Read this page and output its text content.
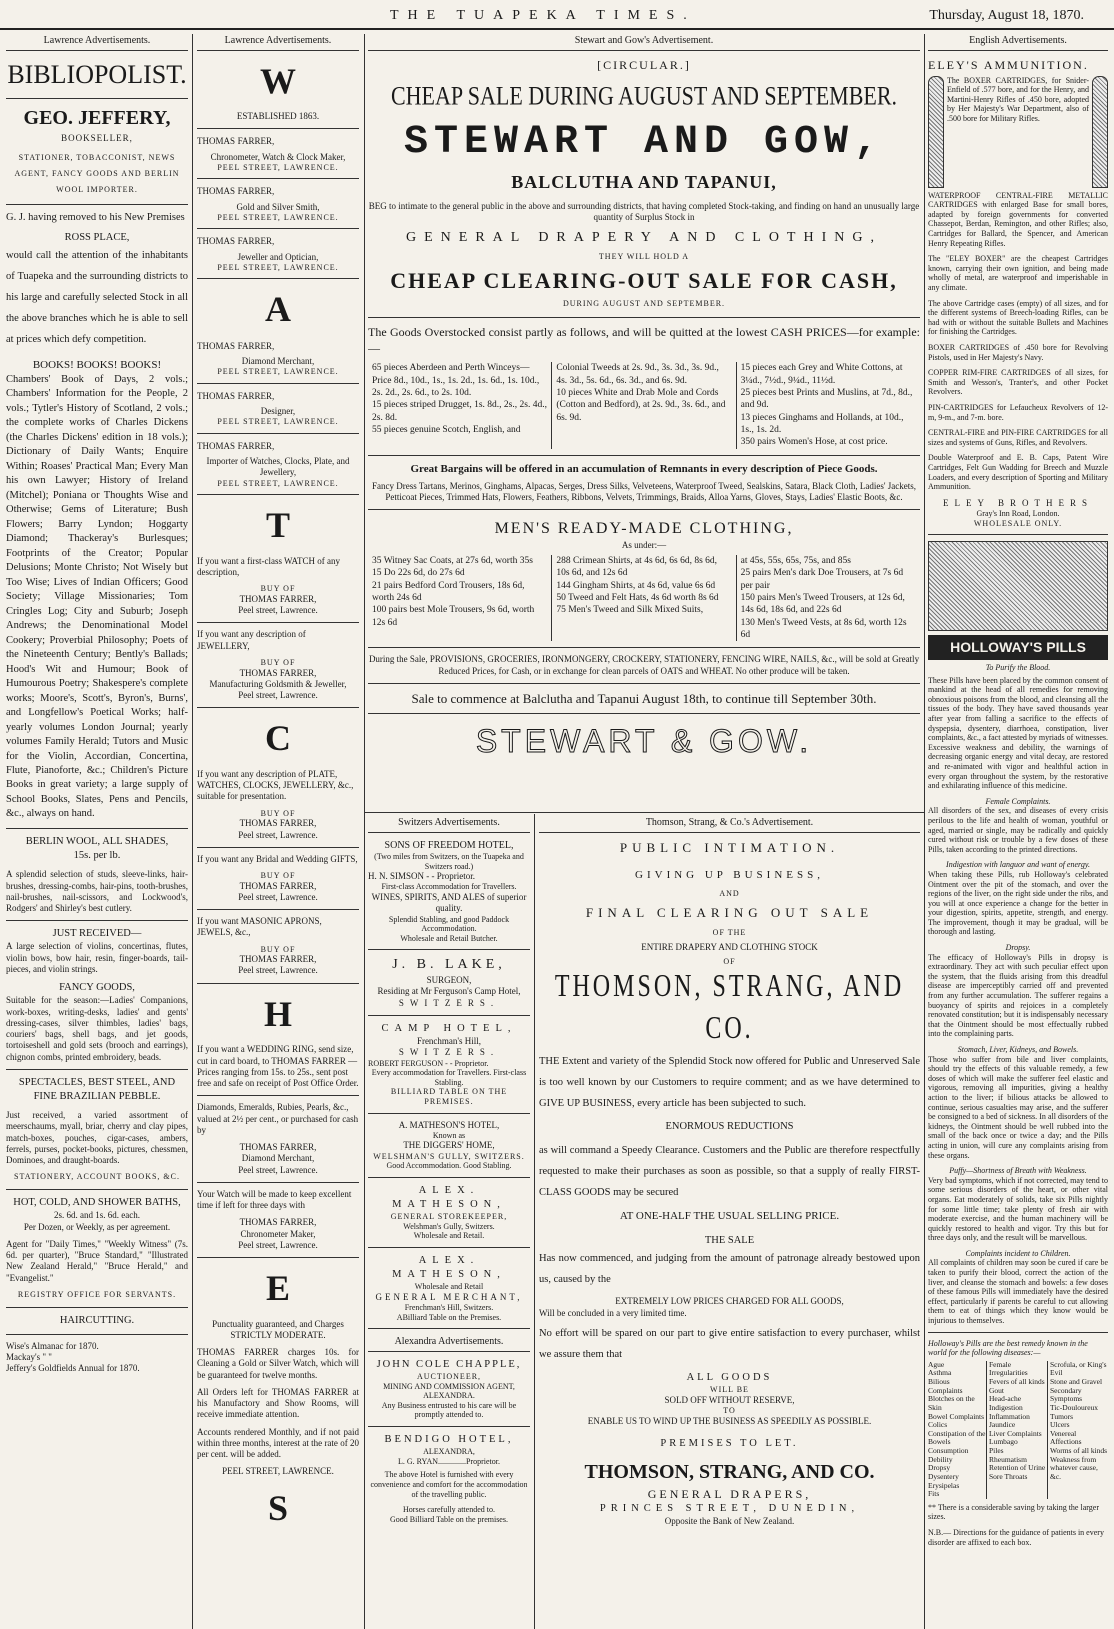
THE TUAPEKA TIMES.	Thursday, August 18, 1870.
Lawrence Advertisements.
BIBLIOPOLIST.
GEO. JEFFERY,
BOOKSELLER,

STATIONER, TOBACCONIST, NEWS AGENT, FANCY GOODS AND BERLIN WOOL IMPORTER.

G. J. having removed to his New Premises

ROSS PLACE,

would call the attention of the inhabitants of Tuapeka and the surrounding districts to his large and carefully selected Stock in all the above branches which he is able to sell at prices which defy competition.

BOOKS! BOOKS! BOOKS!

Chambers' Book of Days, 2 vols.; Chambers' Information for the People, 2 vols.; Tytler's History of Scotland, 2 vols.; the complete works of Charles Dickens (the Charles Dickens' edition in 18 vols.); Dictionary of Daily Wants; Enquire Within; Roases' Practical Man; Every Man his own Lawyer; History of Ireland (Mitchel); Poniana or Thoughts Wise and Otherwise; Gems of Literature; Bush Flowers; Barry Lyndon; Hoggarty Diamond; Thackeray's Burlesques; Footprints of the Creator; Popular Delusions; Monte Christo; Not Wisely but Too Wise; Lives of Indian Officers; Good Society; Village Missionaries; Tom Cringles Log; City and Suburb; Joseph Andrews; the Denominational Model Cookery; Proverbial Philosophy; Poets of the Nineteenth Century; Bently's Ballads; Hood's Wit and Humour; Book of Humourous Poetry; Shakespere's complete works; Moore's, Scott's, Byron's, Burns', and Longfellow's Poetical Works; half-yearly volumes London Journal; yearly volumes Family Herald; Tutors and Music for the Violin, Accordian, Concertina, Flute, Pianoforte, &c.; Children's Picture Books in great variety; a large supply of School Books, Slates, Pens and Pencils, &c., always on hand.

BERLIN WOOL, ALL SHADES,
15s. per lb.

A splendid selection of studs, sleeve-links, hair-brushes, dressing-combs, hair-pins, tooth-brushes, nail-brushes, nail-scissors, and Lockwood's, Rodgers' and Shirley's best cutlery.

JUST RECEIVED—

A large selection of violins, concertinas, flutes, violin bows, bow hair, resin, finger-boards, tail-pieces, and violin strings.

FANCY GOODS,

Suitable for the season:—Ladies' Companions, work-boxes, writing-desks, ladies' and gents' dressing-cases, silver thimbles, ladies' bags, couriers' bags, shell bags, and jet goods, tortoiseshell and gold sets (brooch and earrings), chignon combs, printed embroidery, beads.

SPECTACLES, BEST STEEL, AND FINE BRAZILIAN PEBBLE.

Just received, a varied assortment of meerschaums, myall, briar, cherry and clay pipes, match-boxes, pouches, cigar-cases, ambers, ferrels, purses, pocket-books, pictures, chessmen, Dominoes, and draught-boards.

STATIONERY, ACCOUNT BOOKS, &C.
HOT, COLD, AND SHOWER BATHS,
2s. 6d. and 1s. 6d. each.
Per Dozen, or Weekly, as per agreement.

Agent for "Daily Times," "Weekly Witness" (7s. 6d. per quarter), "Bruce Standard," "Illustrated New Zealand Herald," "Bruce Herald," and "Evangelist."

REGISTRY OFFICE FOR SERVANTS.
HAIRCUTTING.
Wise's Almanac for 1870.
Mackay's " "
Jeffery's Goldfields Annual for 1870.
Lawrence Advertisements.
W
ESTABLISHED 1863.
THOMAS FARRER,
Chronometer, Watch & Clock Maker,
PEEL STREET, LAWRENCE.
THOMAS FARRER,
Gold and Silver Smith,
PEEL STREET, LAWRENCE.
THOMAS FARRER,
Jeweller and Optician,
PEEL STREET, LAWRENCE.
A
THOMAS FARRER,
Diamond Merchant,
PEEL STREET, LAWRENCE.
THOMAS FARRER,
Designer,
PEEL STREET, LAWRENCE.
THOMAS FARRER,
Importer of Watches, Clocks, Plate, and Jewellery,
PEEL STREET, LAWRENCE.
T

If you want a first-class WATCH of any description,

BUY OF
THOMAS FARRER,
Peel street, Lawrence.

If you want any description of JEWELLERY,

BUY OF
THOMAS FARRER,
Manufacturing Goldsmith & Jeweller,
Peel street, Lawrence.
C

If you want any description of PLATE, WATCHES, CLOCKS, JEWELLERY, &c., suitable for presentation.

BUY OF
THOMAS FARRER,
Peel street, Lawrence.

If you want any Bridal and Wedding GIFTS,

BUY OF
THOMAS FARRER,
Peel street, Lawrence.

If you want MASONIC APRONS, JEWELS, &c.,

BUY OF
THOMAS FARRER,
Peel street, Lawrence.
H

If you want a WEDDING RING, send size, cut in card board, to THOMAS FARRER — Prices ranging from 15s. to 25s., sent post free and safe on receipt of Post Office Order.

Diamonds, Emeralds, Rubies, Pearls, &c., valued at 2½ per cent., or purchased for cash by

THOMAS FARRER,
Diamond Merchant,
Peel street, Lawrence.

Your Watch will be made to keep excellent time if left for three days with

THOMAS FARRER,
Chronometer Maker,
Peel street, Lawrence.
E

Punctuality guaranteed, and Charges STRICTLY MODERATE.

THOMAS FARRER charges 10s. for Cleaning a Gold or Silver Watch, which will be guaranteed for twelve months.

All Orders left for THOMAS FARRER at his Manufactory and Show Rooms, will receive immediate attention.

Accounts rendered Monthly, and if not paid within three months, interest at the rate of 20 per cent. will be added.

PEEL STREET, LAWRENCE.
S
Stewart and Gow's Advertisement.
[CIRCULAR.]
CHEAP SALE DURING AUGUST AND SEPTEMBER.
STEWART AND GOW,
BALCLUTHA AND TAPANUI,

BEG to intimate to the general public in the above and surrounding districts, that having completed Stock-taking, and finding on hand an unusually large quantity of Surplus Stock in

GENERAL DRAPERY AND CLOTHING,
THEY WILL HOLD A
CHEAP CLEARING-OUT SALE FOR CASH,
DURING AUGUST AND SEPTEMBER.

The Goods Overstocked consist partly as follows, and will be quitted at the lowest CASH PRICES—for example:—

65 pieces Aberdeen and Perth Winceys—Price 8d., 10d., 1s., 1s. 2d., 1s. 6d., 1s. 10d., 2s. 2d., 2s. 6d., to 2s. 10d.
15 pieces striped Drugget, 1s. 8d., 2s., 2s. 4d., 2s. 8d.
55 pieces genuine Scotch, English, and
Colonial Tweeds at 2s. 9d., 3s. 3d., 3s. 9d., 4s. 3d., 5s. 6d., 6s. 3d., and 6s. 9d.
10 pieces White and Drab Mole and Cords (Cotton and Bedford), at 2s. 9d., 3s. 6d., and 6s. 9d.
15 pieces each Grey and White Cottons, at 3¼d., 7½d., 9¼d., 11½d.
25 pieces best Prints and Muslins, at 7d., 8d., and 9d.
13 pieces Ginghams and Hollands, at 10d., 1s., 1s. 2d.
350 pairs Women's Hose, at cost price.
Great Bargains will be offered in an accumulation of Remnants in every description of Piece Goods.

Fancy Dress Tartans, Merinos, Ginghams, Alpacas, Serges, Dress Silks, Velveteens, Waterproof Tweed, Sealskins, Satara, Black Cloth, Ladies' Jackets, Petticoat Pieces, Trimmed Hats, Flowers, Feathers, Ribbons, Velvets, Trimmings, Braids, Alloa Yarns, Gloves, Stays, Ladies' Elastic Boots, &c.

MEN'S READY-MADE CLOTHING,
As under:—
35 Witney Sac Coats, at 27s 6d, worth 35s
15 Do 22s 6d, do 27s 6d
21 pairs Bedford Cord Trousers, 18s 6d, worth 24s 6d
100 pairs best Mole Trousers, 9s 6d, worth 12s 6d
288 Crimean Shirts, at 4s 6d, 6s 6d, 8s 6d, 10s 6d, and 12s 6d
144 Gingham Shirts, at 4s 6d, value 6s 6d
50 Tweed and Felt Hats, 4s 6d worth 8s 6d
75 Men's Tweed and Silk Mixed Suits,
at 45s, 55s, 65s, 75s, and 85s
25 pairs Men's dark Doe Trousers, at 7s 6d per pair
150 pairs Men's Tweed Trousers, at 12s 6d, 14s 6d, 18s 6d, and 22s 6d
130 Men's Tweed Vests, at 8s 6d, worth 12s 6d

During the Sale, PROVISIONS, GROCERIES, IRONMONGERY, CROCKERY, STATIONERY, FENCING WIRE, NAILS, &c., will be sold at Greatly Reduced Prices, for Cash, or in exchange for clean parcels of OATS and WHEAT. No other produce will be taken.

Sale to commence at Balclutha and Tapanui August 18th, to continue till September 30th.
STEWART & GOW.
Switzers Advertisements.
SONS OF FREEDOM HOTEL,
(Two miles from Switzers, on the Tuapeka and Switzers road.)
H. N. SIMSON - - Proprietor.
First-class Accommodation for Travellers.
WINES, SPIRITS, AND ALES of superior quality.
Splendid Stabling, and good Paddock Accommodation.
Wholesale and Retail Butcher.
J. B. LAKE,
SURGEON,
Residing at Mr Ferguson's Camp Hotel,
SWITZERS.
CAMP HOTEL,
Frenchman's Hill,
SWITZERS.
ROBERT FERGUSON - - Proprietor.
Every accommodation for Travellers. First-class Stabling.
BILLIARD TABLE ON THE PREMISES.
A. MATHESON'S HOTEL,
Known as
THE DIGGERS' HOME,
WELSHMAN'S GULLY, SWITZERS.
Good Accommodation. Good Stabling.
ALEX. MATHESON,
GENERAL STOREKEEPER,
Welshman's Gully, Switzers.
Wholesale and Retail.
ALEX. MATHESON,
Wholesale and Retail
GENERAL MERCHANT,
Frenchman's Hill, Switzers.
ABilliard Table on the Premises.
Alexandra Advertisements.
JOHN COLE CHAPPLE,
AUCTIONEER,
MINING AND COMMISSION AGENT, ALEXANDRA.
Any Business entrusted to his care will be promptly attended to.
BENDIGO HOTEL,
ALEXANDRA,
L. G. RYAN..............Proprietor.

The above Hotel is furnished with every convenience and comfort for the accommodation of the travelling public.

Horses carefully attended to.
Good Billiard Table on the premises.
Thomson, Strang, & Co.'s Advertisement.
PUBLIC INTIMATION.
GIVING UP BUSINESS,
AND
FINAL CLEARING OUT SALE
OF THE
ENTIRE DRAPERY AND CLOTHING STOCK
OF
THOMSON, STRANG, AND CO.

THE Extent and variety of the Splendid Stock now offered for Public and Unreserved Sale is too well known by our Customers to require comment; and as we have determined to GIVE UP BUSINESS, every article has been subjected to such.

ENORMOUS REDUCTIONS

as will command a Speedy Clearance. Customers and the Public are therefore respectfully requested to make their purchases as soon as possible, so that a supply of really FIRST-CLASS GOODS may be secured

AT ONE-HALF THE USUAL SELLING PRICE.
THE SALE

Has now commenced, and judging from the amount of patronage already bestowed upon us, caused by the

EXTREMELY LOW PRICES CHARGED FOR ALL GOODS,
Will be concluded in a very limited time.

No effort will be spared on our part to give entire satisfaction to every purchaser, whilst we assure them that

ALL GOODS
WILL BE
SOLD OFF WITHOUT RESERVE,
TO
ENABLE US TO WIND UP THE BUSINESS AS SPEEDILY AS POSSIBLE.
PREMISES TO LET.
THOMSON, STRANG, AND CO.
GENERAL DRAPERS,
PRINCES STREET, DUNEDIN,
Opposite the Bank of New Zealand.
English Advertisements.
ELEY'S AMMUNITION.
The BOXER CARTRIDGES, for Snider-Enfield of .577 bore, and for the Henry, and Martini-Henry Rifles of .450 bore, adopted by Her Majesty's War Department, also of .500 bore for Military Rifles.

WATERPROOF CENTRAL-FIRE METALLIC CARTRIDGES with enlarged Base for small bores, adapted by foreign governments for converted Chassepot, Berdan, Remington, and other Rifles; also, Cartridges for Ballard, the Spencer, and American Henry Repeating Rifles.

The "ELEY BOXER" are the cheapest Cartridges known, carrying their own ignition, and being made wholly of metal, are waterproof and imperishable in any climate.

The above Cartridge cases (empty) of all sizes, and for the different systems of Breech-loading Rifles, can be had with or without the suitable Bullets and Machines for finishing the Cartridges.

BOXER CARTRIDGES of .450 bore for Revolving Pistols, used in Her Majesty's Navy.

COPPER RIM-FIRE CARTRIDGES of all sizes, for Smith and Wesson's, Tranter's, and other Pocket Revolvers.

PIN-CARTRIDGES for Lefaucheux Revolvers of 12-m, 9-m., and 7-m. bore.

CENTRAL-FIRE and PIN-FIRE CARTRIDGES for all sizes and systems of Guns, Rifles, and Revolvers.

Double Waterproof and E. B. Caps, Patent Wire Cartridges, Felt Gun Wadding for Breech and Muzzle Loaders, and every description of Sporting and Military Ammunition.

ELEY BROTHERS
Gray's Inn Road, London.
WHOLESALE ONLY.
HOLLOWAY'S PILLS
To Purify the Blood.

These Pills have been placed by the common consent of mankind at the head of all remedies for removing obnoxious poisons from the blood, and cleansing all the tissues of the body. They have saved thousands year after year from falling a sacrifice to the effects of dyspepsia, dysentery, diarrhoea, constipation, liver complaints, &c., a fact attested by myriads of witnesses. Excessive weakness and debility, the warnings of decreasing organic energy and vital decay, are restored and re-animated with vigor and healthful action in every organ throughout the system, by the restorative and exhilarating influence of this medicine.

Female Complaints.

All disorders of the sex, and diseases of every crisis perilous to the life and health of woman, youthful or aged, married or single, may be radically and quickly cured without risk or trouble by a few doses of these Pills, taken according to the printed directions.

Indigestion with languor and want of energy.

When taking these Pills, rub Holloway's celebrated Ointment over the pit of the stomach, and over the regions of the liver, on the right side under the ribs, and you will at once experience a change for the better in your digestion, spirits, appetite, strength, and energy. The improvement, though it may be gradual, will be thorough and lasting.

Dropsy.

The efficacy of Holloway's Pills in dropsy is extraordinary. They act with such peculiar effect upon the system, that the fluids arising from this dreadful disease are imperceptibly carried off and prevented from any further accumulation. The sufferer regains a buoyancy of spirits and rejoices in a completely renovated constitution; but it is indispensably necessary that the Ointment should be most effectually rubbed into the complaining parts.

Stomach, Liver, Kidneys, and Bowels.

Those who suffer from bile and liver complaints, should try the effects of this valuable remedy, a few doses of which will make the sufferer feel elastic and vigorous, removing all impurities, giving a healthy action to the liver; if bilious attacks be allowed to continue, serious casualties may arise, and the sufferer be consigned to a bed of sickness. In all disorders of the kidneys, the Ointment should be well rubbed into the small of the back once or twice a day; and the Pills acting in union, will cure any complaints arising from these organs.

Puffy—Shortness of Breath with Weakness.

Very bad symptoms, which if not corrected, may tend to some serious disorders of the heart, or other vital organs. Eat moderately of solids, take six Pills nightly for some little time; take plenty of fresh air with moderate exercise, and the human machinery will be quickly restored to health and vigor. Try this but for three days only, and the result will be marvellous.

Complaints incident to Children.

All complaints of children may soon be cured if care be taken to purify their blood, correct the action of the liver, and cleanse the stomach and bowels: a few doses of these famous Pills will immediately have the desired effect, particularly if parents be careful to cut allowing them to eat of things which they know would be injurious to themselves.

Holloway's Pills are the best remedy known in the world for the following diseases:—
Ague
Asthma
Bilious Complaints
Blotches on the Skin
Bowel Complaints
Colics
Constipation of the Bowels
Consumption
Debility
Dropsy
Dysentery
Erysipelas
Fits
Female Irregularities
Fevers of all kinds
Gout
Head-ache
Indigestion
Inflammation
Jaundice
Liver Complaints
Lumbago
Piles
Rheumatism
Retention of Urine
Sore Throats
Scrofula, or King's Evil
Stone and Gravel
Secondary Symptoms
Tic-Douloureux
Tumors
Ulcers
Venereal Affections
Worms of all kinds
Weakness from whatever cause, &c.

** There is a considerable saving by taking the larger sizes.

N.B.— Directions for the guidance of patients in every disorder are affixed to each box.
